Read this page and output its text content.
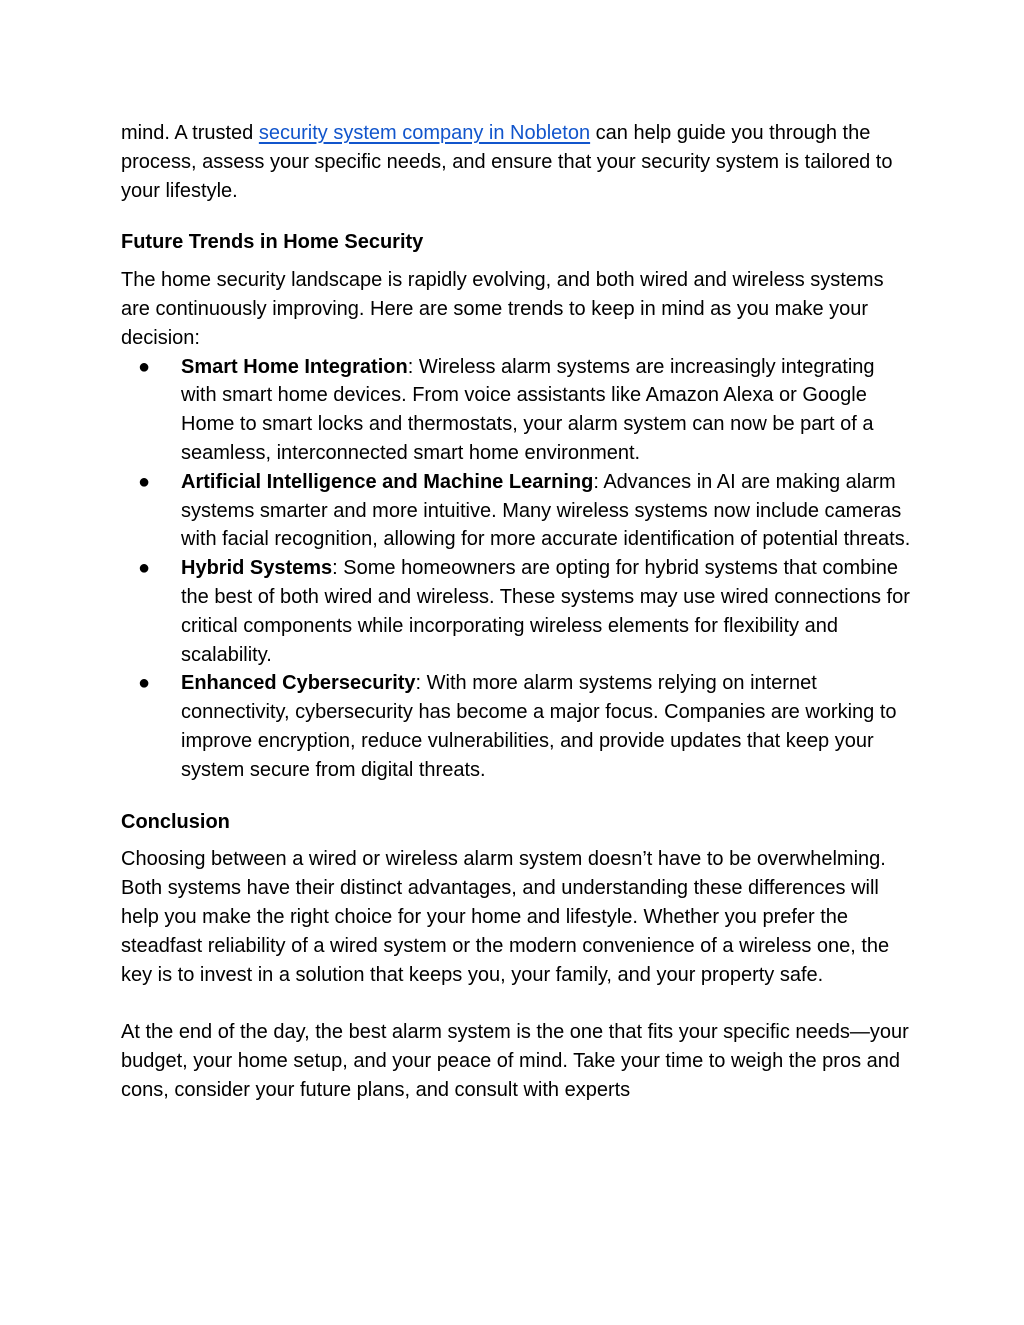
mind. A trusted security system company in Nobleton can help guide you through the process, assess your specific needs, and ensure that your security system is tailored to your lifestyle.

Future Trends in Home Security

The home security landscape is rapidly evolving, and both wired and wireless systems are continuously improving. Here are some trends to keep in mind as you make your decision:

● Smart Home Integration: Wireless alarm systems are increasingly integrating with smart home devices. From voice assistants like Amazon Alexa or Google Home to smart locks and thermostats, your alarm system can now be part of a seamless, interconnected smart home environment.
● Artificial Intelligence and Machine Learning: Advances in AI are making alarm systems smarter and more intuitive. Many wireless systems now include cameras with facial recognition, allowing for more accurate identification of potential threats.
● Hybrid Systems: Some homeowners are opting for hybrid systems that combine the best of both wired and wireless. These systems may use wired connections for critical components while incorporating wireless elements for flexibility and scalability.
● Enhanced Cybersecurity: With more alarm systems relying on internet connectivity, cybersecurity has become a major focus. Companies are working to improve encryption, reduce vulnerabilities, and provide updates that keep your system secure from digital threats.

Conclusion

Choosing between a wired or wireless alarm system doesn’t have to be overwhelming. Both systems have their distinct advantages, and understanding these differences will help you make the right choice for your home and lifestyle. Whether you prefer the steadfast reliability of a wired system or the modern convenience of a wireless one, the key is to invest in a solution that keeps you, your family, and your property safe.

At the end of the day, the best alarm system is the one that fits your specific needs—your budget, your home setup, and your peace of mind. Take your time to weigh the pros and cons, consider your future plans, and consult with experts
